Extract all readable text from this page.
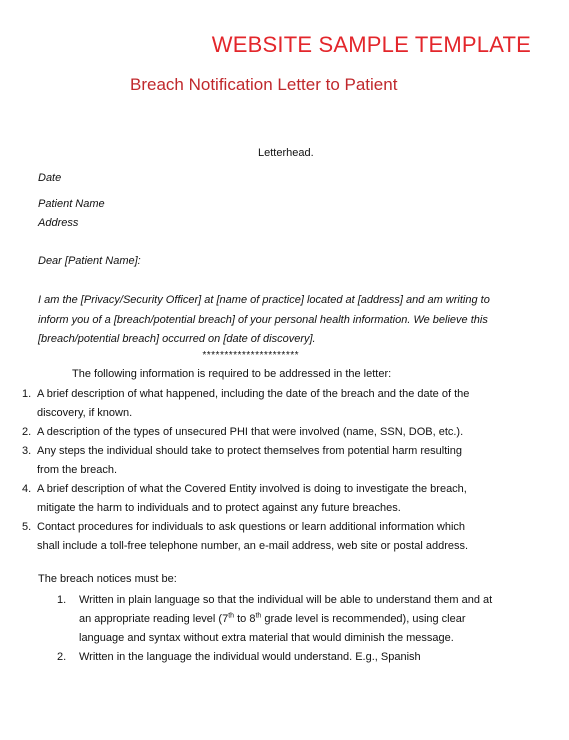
WEBSITE SAMPLE TEMPLATE
Breach Notification Letter to Patient
Letterhead.
Date
Patient Name
Address
Dear [Patient Name]:
I am the [Privacy/Security Officer] at [name of practice] located at [address] and am writing to
inform you of a [breach/potential breach] of your personal health information. We believe this
[breach/potential breach] occurred on [date of discovery].
**********************
The following information is required to be addressed in the letter:
1. A brief description of what happened, including the date of the breach and the date of the
discovery, if known.
2. A description of the types of unsecured PHI that were involved (name, SSN, DOB, etc.).
3. Any steps the individual should take to protect themselves from potential harm resulting
from the breach.
4. A brief description of what the Covered Entity involved is doing to investigate the breach,
mitigate the harm to individuals and to protect against any future breaches.
5. Contact procedures for individuals to ask questions or learn additional information which
shall include a toll-free telephone number, an e-mail address, web site or postal address.
The breach notices must be:
1. Written in plain language so that the individual will be able to understand them and at
an appropriate reading level (7th to 8th grade level is recommended), using clear
language and syntax without extra material that would diminish the message.
2. Written in the language the individual would understand. E.g., Spanish
